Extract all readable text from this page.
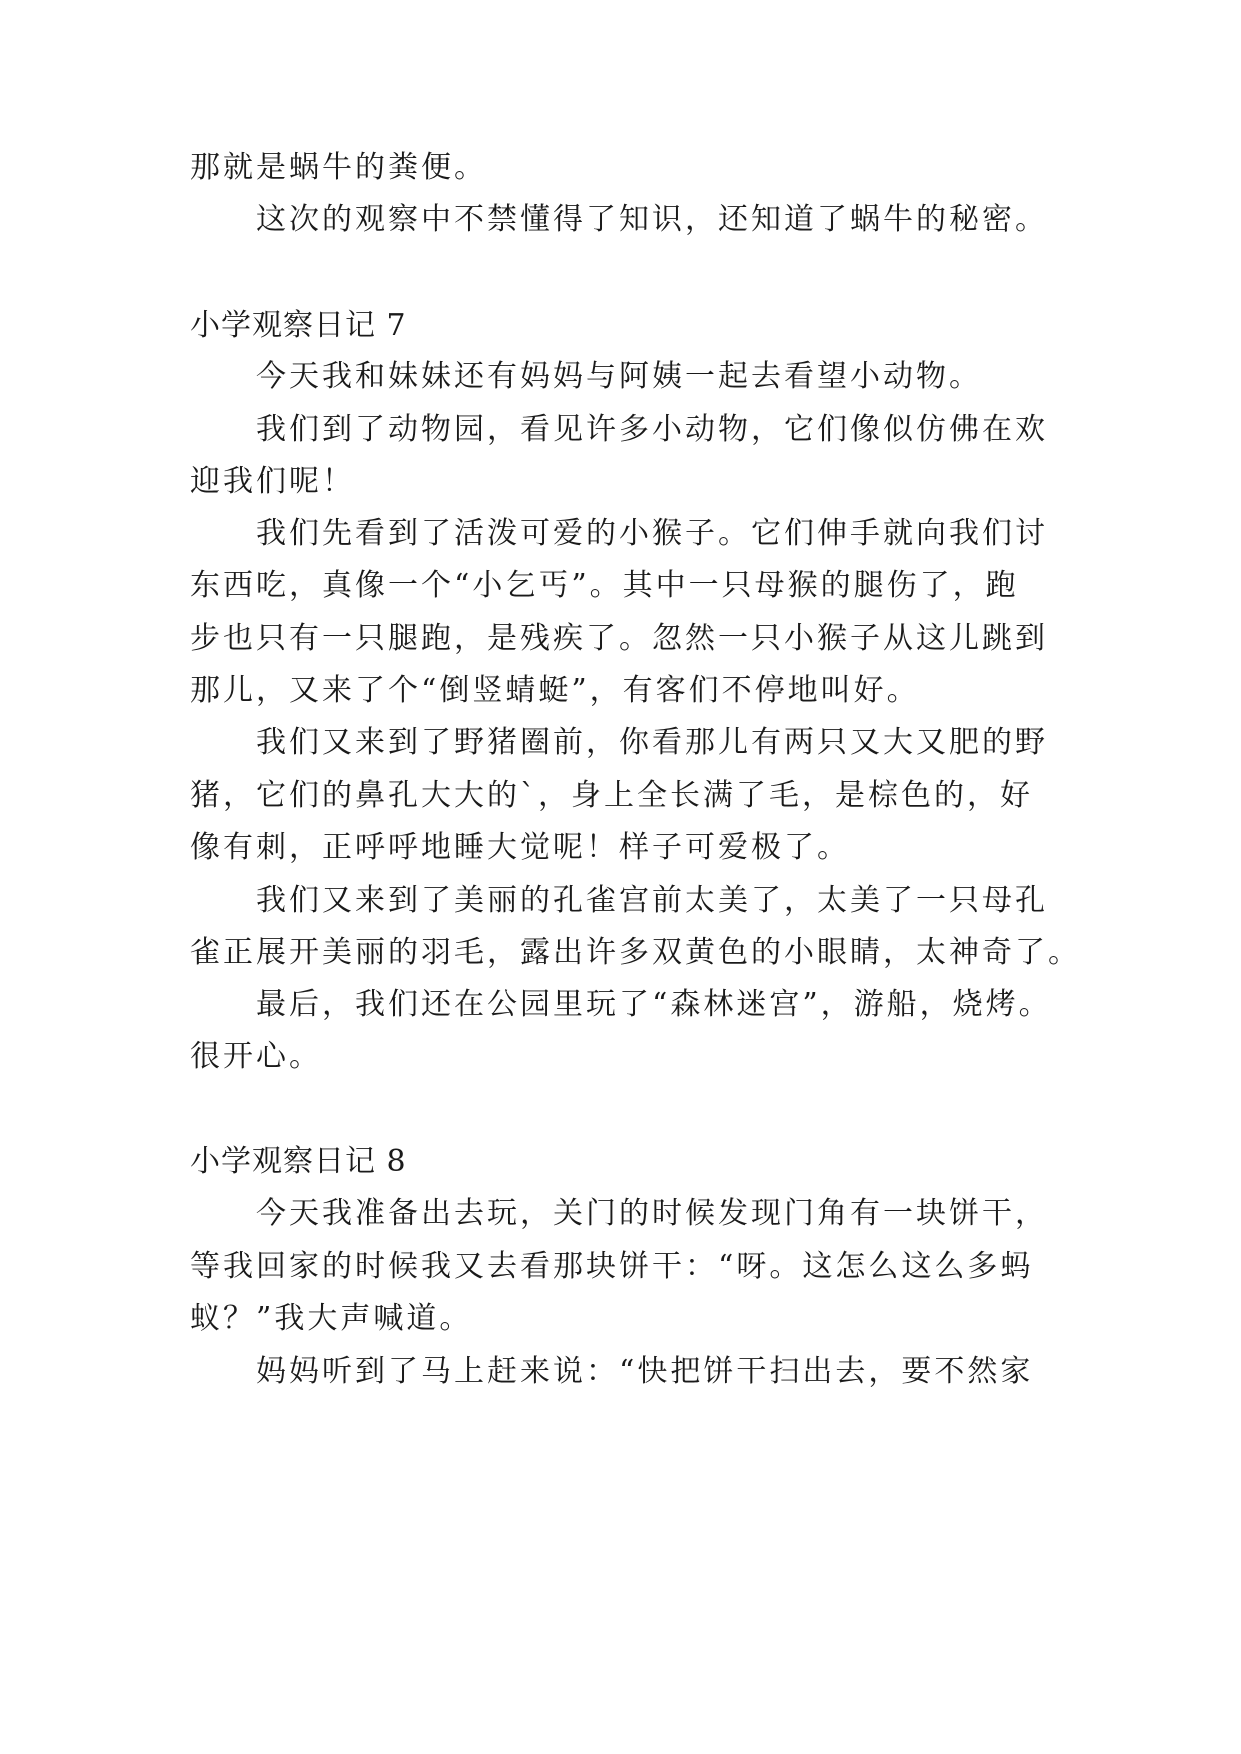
那就是蜗牛的粪便。
这次的观察中不禁懂得了知识，还知道了蜗牛的秘密。
小学观察日记 7
今天我和妹妹还有妈妈与阿姨一起去看望小动物。
我们到了动物园，看见许多小动物，它们像似仿佛在欢
迎我们呢！
我们先看到了活泼可爱的小猴子。它们伸手就向我们讨
东西吃，真像一个“小乞丐”。其中一只母猴的腿伤了，跑
步也只有一只腿跑，是残疾了。忽然一只小猴子从这儿跳到
那儿，又来了个“倒竖蜻蜓”，有客们不停地叫好。
我们又来到了野猪圈前，你看那儿有两只又大又肥的野
猪，它们的鼻孔大大的`，身上全长满了毛，是棕色的，好
像有刺，正呼呼地睡大觉呢！样子可爱极了。
我们又来到了美丽的孔雀宫前太美了，太美了一只母孔
雀正展开美丽的羽毛，露出许多双黄色的小眼睛，太神奇了。
最后，我们还在公园里玩了“森林迷宫”，游船，烧烤。
很开心。
小学观察日记 8
今天我准备出去玩，关门的时候发现门角有一块饼干，
等我回家的时候我又去看那块饼干：“呀。这怎么这么多蚂
蚁？”我大声喊道。
妈妈听到了马上赶来说：“快把饼干扫出去，要不然家
